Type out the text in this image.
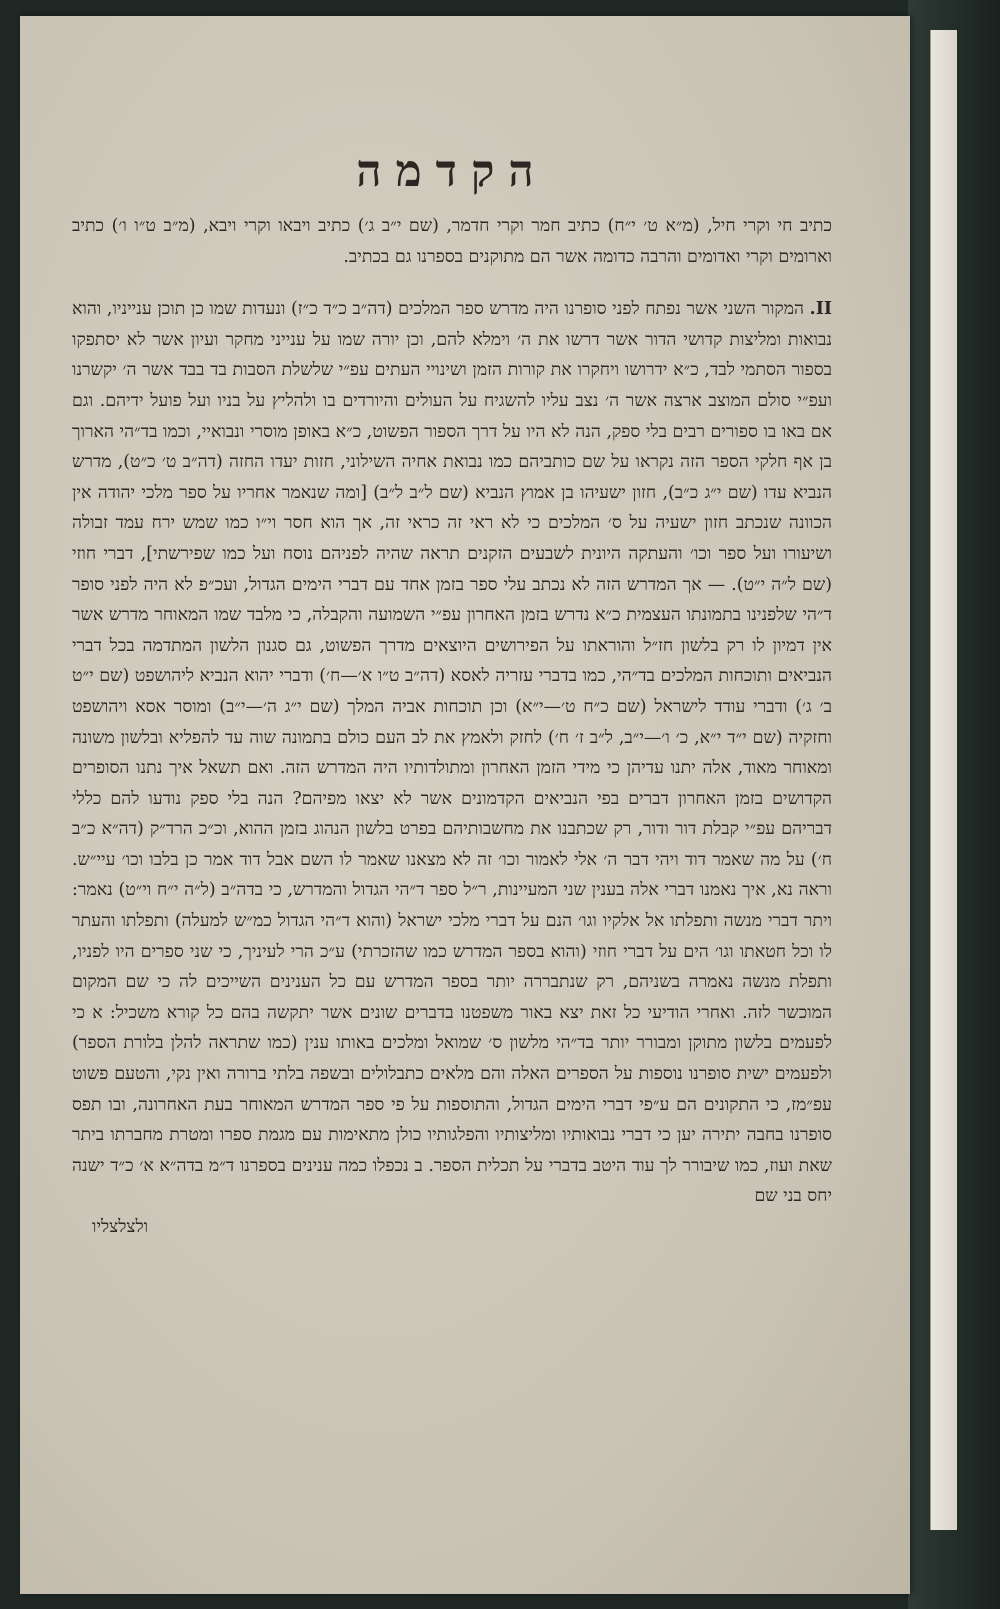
הקדמה

כתיב חי וקרי חיל, (מ״א ט׳ י״ח) כתיב חמר וקרי חדמר, (שם י״ב ג׳) כתיב ויבאו וקרי ויבא, (מ״ב ט״ו ו׳) כתיב וארומים וקרי ואדומים והרבה כדומה אשר הם מתוקנים בספרנו גם בכתיב.

II. המקור השני אשר נפתח לפני סופרנו היה מדרש ספר המלכים (דה״ב כ״ד כ״ז) ונעדות שמו כן תוכן ענייניו, והוא נבואות ומליצות קדושי הדור אשר דרשו את ה׳ וימלא להם, וכן יורה שמו על ענייני מחקר ועיון אשר לא יסתפקו בספור הסתמי לבד, כ״א ידרושו ויחקרו את קורות הזמן ושינויי העתים עפ״י שלשלת הסבות בד בבד אשר ה׳ יקשרנו ועפ״י סולם המוצב ארצה אשר ה׳ נצב עליו להשגיח על העולים והיורדים בו ולהליץ על בניו ועל פועל ידיהם. וגם אם באו בו ספורים רבים בלי ספק, הנה לא היו על דרך הספור הפשוט, כ״א באופן מוסרי ונבואיי, וכמו בד״הי הארוך בן אף חלקי הספר הזה נקראו על שם כותביהם כמו נבואת אחיה השילוני, חזות יעדו החזה (דה״ב ט׳ כ״ט), מדרש הנביא עדו (שם י״ג כ״ב), חזון ישעיהו בן אמוץ הנביא (שם ל״ב ל״ב) [ומה שנאמר אחריו על ספר מלכי יהודה אין הכוונה שנכתב חזון ישעיה על ס׳ המלכים כי לא ראי זה כראי זה, אך הוא חסר וי״ו כמו שמש ירח עמד זבולה ושיעורו ועל ספר וכו׳ והעתקה היונית לשבעים הזקנים תראה שהיה לפניהם נוסח ועל כמו שפירשתי], דברי חוזי (שם ל״ה י״ט). — אך המדרש הזה לא נכתב עלי ספר בזמן אחד עם דברי הימים הגדול, ועכ״פ לא היה לפני סופר ד״הי שלפנינו בתמונתו העצמית כ״א נדרש בזמן האחרון עפ״י השמועה והקבלה, כי מלבד שמו המאוחר מדרש אשר אין דמיון לו רק בלשון חז״ל והוראתו על הפירושים היוצאים מדרך הפשוט, גם סגנון הלשון המתדמה בכל דברי הנביאים ותוכחות המלכים בד״הי, כמו בדברי עזריה לאסא (דה״ב ט״ו א׳—ח׳) ודברי יהוא הנביא ליהושפט (שם י״ט ב׳ ג׳) ודברי עודד לישראל (שם כ״ח ט׳—י״א) וכן תוכחות אביה המלך (שם י״ג ה׳—י״ב) ומוסר אסא ויהושפט וחזקיה (שם י״ד י״א, כ׳ ו׳—י״ב, ל״ב ז׳ ח׳) לחזק ולאמץ את לב העם כולם בתמונה שוה עד להפליא ובלשון משונה ומאוחר מאוד, אלה יתנו עדיהן כי מידי הזמן האחרון ומתולדותיו היה המדרש הזה. ואם תשאל איך נתנו הסופרים הקדושים בזמן האחרון דברים בפי הנביאים הקדמונים אשר לא יצאו מפיהם? הנה בלי ספק נודעו להם כללי דבריהם עפ״י קבלת דור ודור, רק שכתבנו את מחשבותיהם בפרט בלשון הנהוג בזמן ההוא, וכ״כ הרד״ק (דה״א כ״ב ח׳) על מה שאמר דוד ויהי דבר ה׳ אלי לאמור וכו׳ זה לא מצאנו שאמר לו השם אבל דוד אמר כן בלבו וכו׳ עיי״ש. וראה נא, איך נאמנו דברי אלה בענין שני המעיינות, ר״ל ספר ד״הי הגדול והמדרש, כי בדה״ב (ל״ה י״ח וי״ט) נאמר: ויתר דברי מנשה ותפלתו אל אלקיו וגו׳ הנם על דברי מלכי ישראל (והוא ד״הי הגדול כמ״ש למעלה) ותפלתו והעתר לו וכל חטאתו וגו׳ הים על דברי חוזי (והוא בספר המדרש כמו שהזכרתי) ע״כ הרי לעיניך, כי שני ספרים היו לפניו, ותפלת מנשה נאמרה בשניהם, רק שנתבררה יותר בספר המדרש עם כל הענינים השייכים לה כי שם המקום המוכשר לזה. ואחרי הודיעי כל זאת יצא באור משפטנו בדברים שונים אשר יתקשה בהם כל קורא משכיל: א כי לפעמים בלשון מתוקן ומבורר יותר בד״הי מלשון ס׳ שמואל ומלכים באותו ענין (כמו שתראה להלן בלורת הספר) ולפעמים ישית סופרנו נוספות על הספרים האלה והם מלאים כתבלולים ובשפה בלתי ברורה ואין נקי, והטעם פשוט עפ״מז, כי התקונים הם ע״פי דברי הימים הגדול, והתוספות על פי ספר המדרש המאוחר בעת האחרונה, ובו תפס סופרנו בחבה יתירה יען כי דברי נבואותיו ומליצותיו והפלגותיו כולן מתאימות עם מגמת ספרו ומטרת מחברתו ביתר שאת ועוז, כמו שיבורר לך עוד היטב בדברי על תכלית הספר. ב נכפלו כמה ענינים בספרנו ד״מ בדה״א א׳ כ״ד ישנה יחס בני שם

ולצלצליו
